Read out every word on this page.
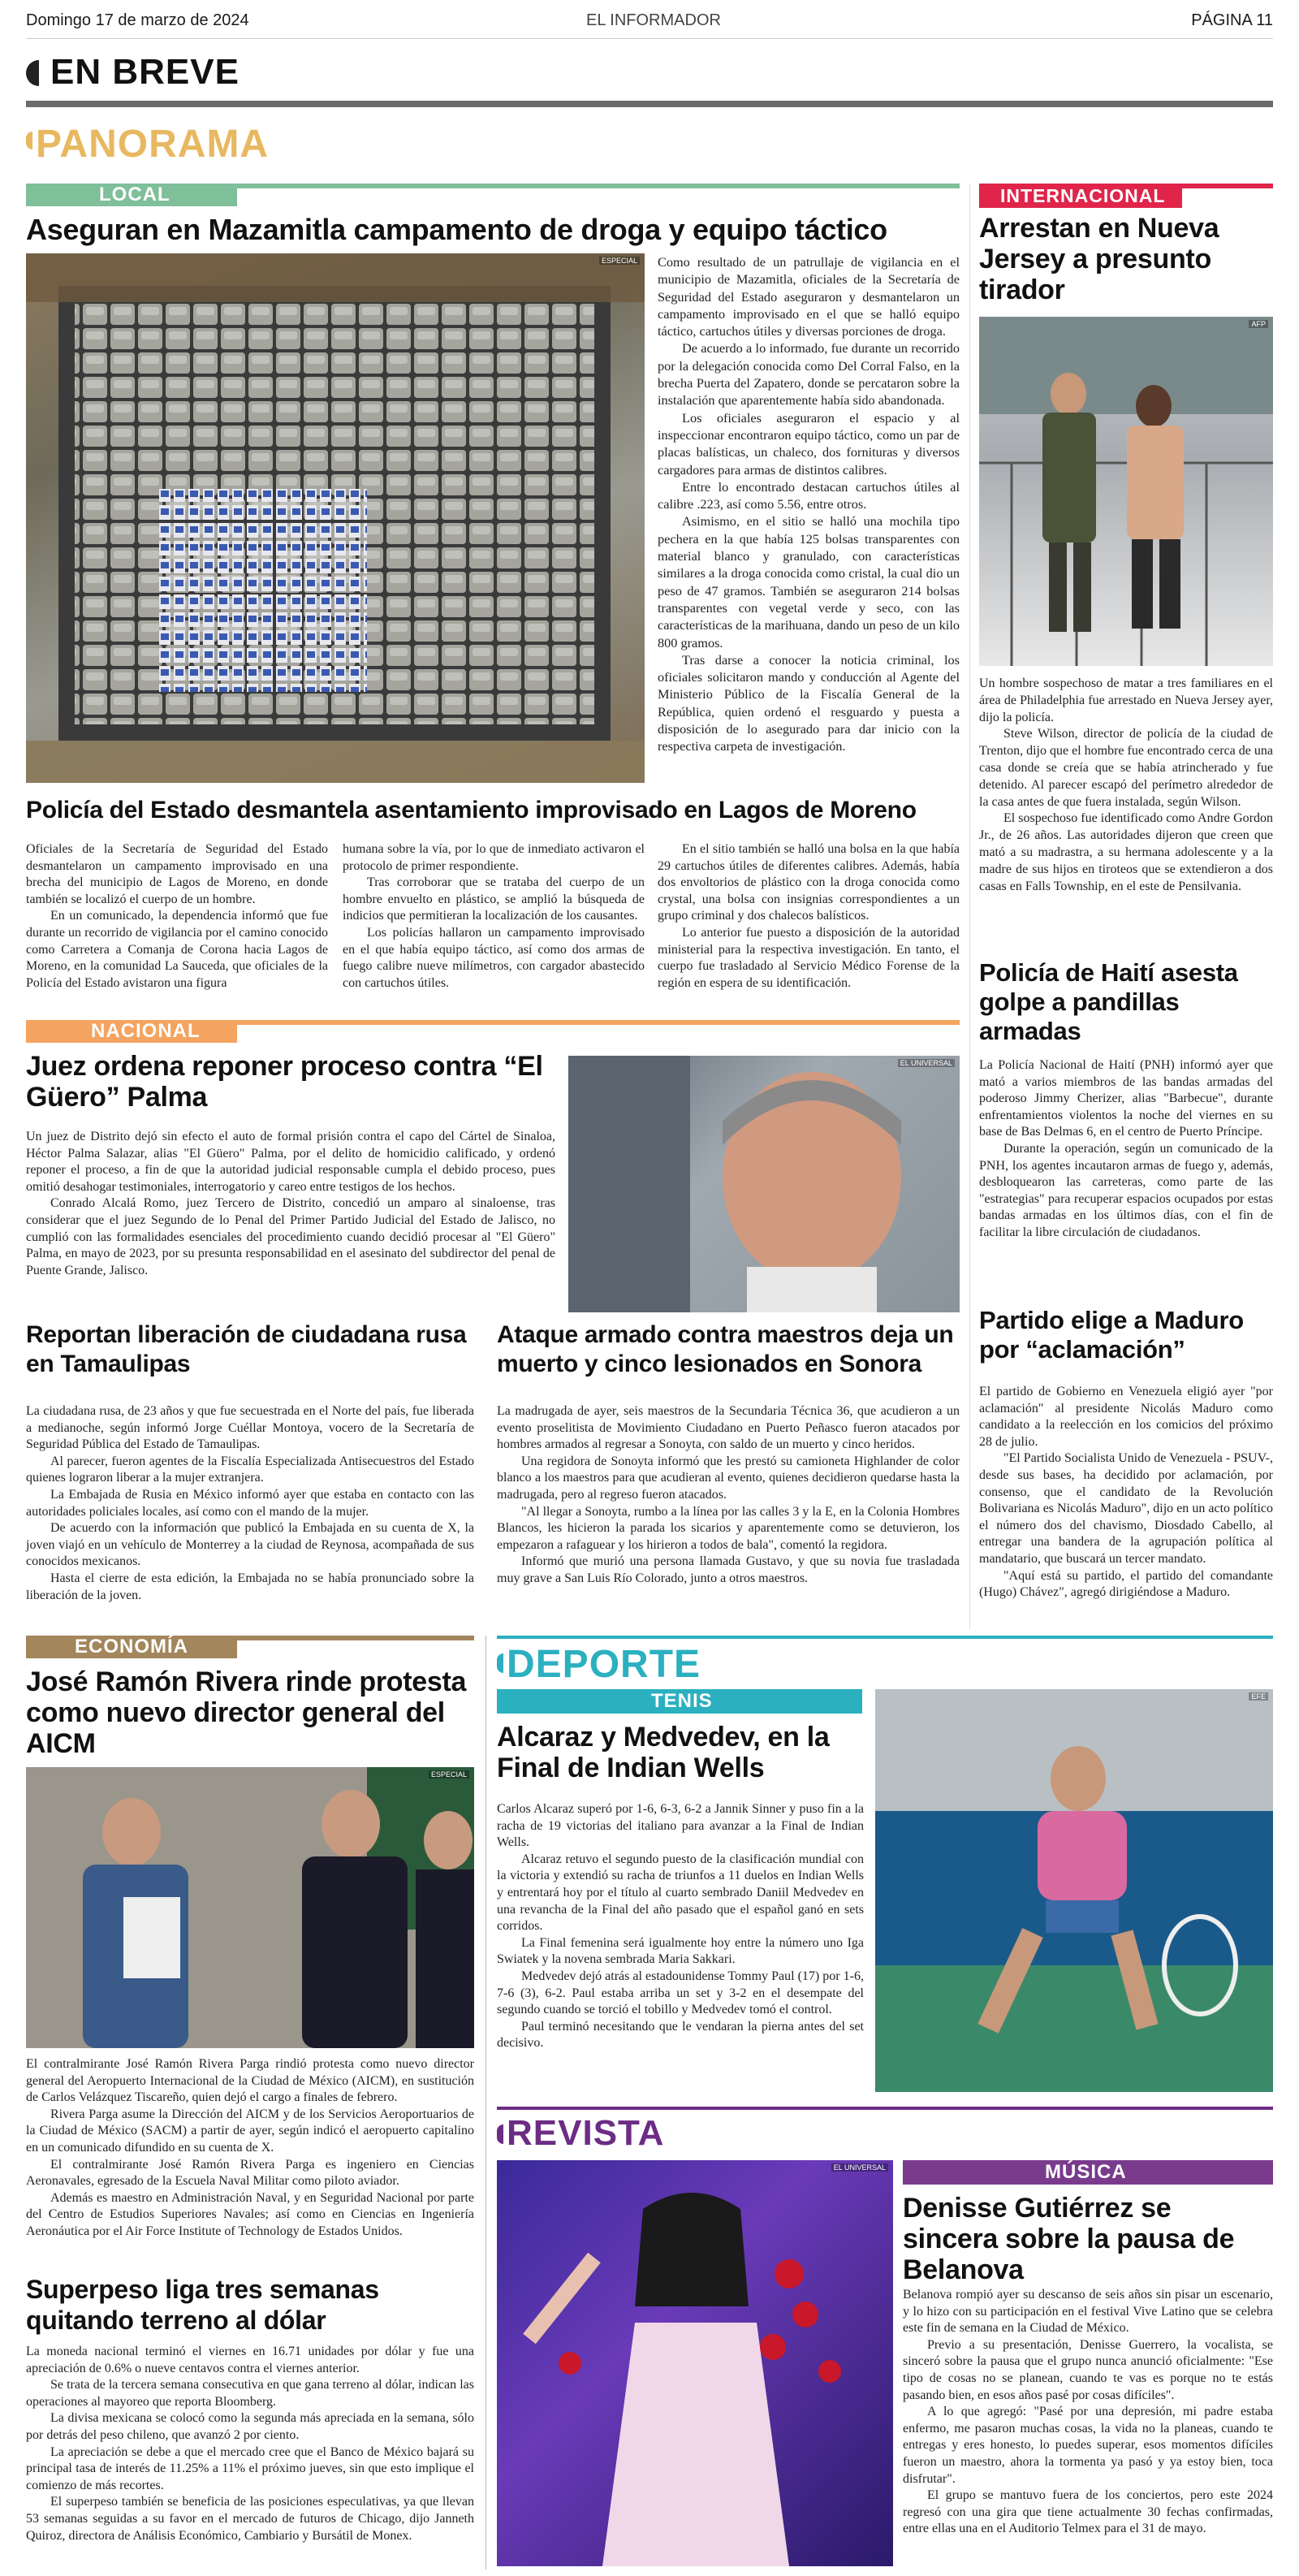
Domingo 17 de marzo de 2024	EL INFORMADOR	PÁGINA 11
EN BREVE
PANORAMA
LOCAL
Aseguran en Mazamitla campamento de droga y equipo táctico
ESPECIAL Como resultado de un patrullaje de vigilancia en el municipio de Mazamitla, oficiales de la Secretaría de Seguridad del Estado aseguraron y desmantelaron un campamento improvisado en el que se halló equipo táctico, cartuchos útiles y diversas porciones de droga.

De acuerdo a lo informado, fue durante un recorrido por la delegación conocida como Del Corral Falso, en la brecha Puerta del Zapatero, donde se percataron sobre la instalación que aparentemente había sido abandonada.

Los oficiales aseguraron el espacio y al inspeccionar encontraron equipo táctico, como un par de placas balísticas, un chaleco, dos fornituras y diversos cargadores para armas de distintos calibres.

Entre lo encontrado destacan cartuchos útiles al calibre .223, así como 5.56, entre otros.

Asimismo, en el sitio se halló una mochila tipo pechera en la que había 125 bolsas transparentes con material blanco y granulado, con características similares a la droga conocida como cristal, la cual dio un peso de 47 gramos. También se aseguraron 214 bolsas transparentes con vegetal verde y seco, con las características de la marihuana, dando un peso de un kilo 800 gramos.

Tras darse a conocer la noticia criminal, los oficiales solicitaron mando y conducción al Agente del Ministerio Público de la Fiscalía General de la República, quien ordenó el resguardo y puesta a disposición de lo asegurado para dar inicio con la respectiva carpeta de investigación.

Policía del Estado desmantela asentamiento improvisado en Lagos de Moreno

Oficiales de la Secretaría de Seguridad del Estado desmantelaron un campamento improvisado en una brecha del municipio de Lagos de Moreno, en donde también se localizó el cuerpo de un hombre.

En un comunicado, la dependencia informó que fue durante un recorrido de vigilancia por el camino conocido como Carretera a Comanja de Corona hacia Lagos de Moreno, en la comunidad La Sauceda, que oficiales de la Policía del Estado avistaron una figura

humana sobre la vía, por lo que de inmediato activaron el protocolo de primer respondiente.

Tras corroborar que se trataba del cuerpo de un hombre envuelto en plástico, se amplió la búsqueda de indicios que permitieran la localización de los causantes.

Los policías hallaron un campamento improvisado en el que había equipo táctico, así como dos armas de fuego calibre nueve milímetros, con cargador abastecido con cartuchos útiles.

En el sitio también se halló una bolsa en la que había 29 cartuchos útiles de diferentes calibres. Además, había dos envoltorios de plástico con la droga conocida como crystal, una bolsa con insignias correspondientes a un grupo criminal y dos chalecos balísticos.

Lo anterior fue puesto a disposición de la autoridad ministerial para la respectiva investigación. En tanto, el cuerpo fue trasladado al Servicio Médico Forense de la región en espera de su identificación.

INTERNACIONAL
Arrestan en Nueva Jersey a presunto tirador
AFP

Un hombre sospechoso de matar a tres familiares en el área de Philadelphia fue arrestado en Nueva Jersey ayer, dijo la policía.

Steve Wilson, director de policía de la ciudad de Trenton, dijo que el hombre fue encontrado cerca de una casa donde se creía que se había atrincherado y fue detenido. Al parecer escapó del perímetro alrededor de la casa antes de que fuera instalada, según Wilson.

El sospechoso fue identificado como Andre Gordon Jr., de 26 años. Las autoridades dijeron que creen que mató a su madrastra, a su hermana adolescente y a la madre de sus hijos en tiroteos que se extendieron a dos casas en Falls Township, en el este de Pensilvania.

Policía de Haití asesta golpe a pandillas armadas

La Policía Nacional de Haití (PNH) informó ayer que mató a varios miembros de las bandas armadas del poderoso Jimmy Cherizer, alias "Barbecue", durante enfrentamientos violentos la noche del viernes en su base de Bas Delmas 6, en el centro de Puerto Príncipe.

Durante la operación, según un comunicado de la PNH, los agentes incautaron armas de fuego y, además, desbloquearon las carreteras, como parte de las "estrategias" para recuperar espacios ocupados por estas bandas armadas en los últimos días, con el fin de facilitar la libre circulación de ciudadanos.

Partido elige a Maduro por “aclamación”

El partido de Gobierno en Venezuela eligió ayer "por aclamación" al presidente Nicolás Maduro como candidato a la reelección en los comicios del próximo 28 de julio.

"El Partido Socialista Unido de Venezuela - PSUV-, desde sus bases, ha decidido por aclamación, por consenso, que el candidato de la Revolución Bolivariana es Nicolás Maduro", dijo en un acto político el número dos del chavismo, Diosdado Cabello, al entregar una bandera de la agrupación política al mandatario, que buscará un tercer mandato.

"Aquí está su partido, el partido del comandante (Hugo) Chávez", agregó dirigiéndose a Maduro.

NACIONAL
Juez ordena reponer proceso contra “El Güero” Palma

Un juez de Distrito dejó sin efecto el auto de formal prisión contra el capo del Cártel de Sinaloa, Héctor Palma Salazar, alias "El Güero" Palma, por el delito de homicidio calificado, y ordenó reponer el proceso, a fin de que la autoridad judicial responsable cumpla el debido proceso, pues omitió desahogar testimoniales, interrogatorio y careo entre testigos de los hechos.

Conrado Alcalá Romo, juez Tercero de Distrito, concedió un amparo al sinaloense, tras considerar que el juez Segundo de lo Penal del Primer Partido Judicial del Estado de Jalisco, no cumplió con las formalidades esenciales del procedimiento cuando decidió procesar al "El Güero" Palma, en mayo de 2023, por su presunta responsabilidad en el asesinato del subdirector del penal de Puente Grande, Jalisco.

EL UNIVERSAL
Reportan liberación de ciudadana rusa en Tamaulipas

La ciudadana rusa, de 23 años y que fue secuestrada en el Norte del país, fue liberada a medianoche, según informó Jorge Cuéllar Montoya, vocero de la Secretaría de Seguridad Pública del Estado de Tamaulipas.

Al parecer, fueron agentes de la Fiscalía Especializada Antisecuestros del Estado quienes lograron liberar a la mujer extranjera.

La Embajada de Rusia en México informó ayer que estaba en contacto con las autoridades policiales locales, así como con el mando de la mujer.

De acuerdo con la información que publicó la Embajada en su cuenta de X, la joven viajó en un vehículo de Monterrey a la ciudad de Reynosa, acompañada de sus conocidos mexicanos.

Hasta el cierre de esta edición, la Embajada no se había pronunciado sobre la liberación de la joven.

Ataque armado contra maestros deja un muerto y cinco lesionados en Sonora

La madrugada de ayer, seis maestros de la Secundaria Técnica 36, que acudieron a un evento proselitista de Movimiento Ciudadano en Puerto Peñasco fueron atacados por hombres armados al regresar a Sonoyta, con saldo de un muerto y cinco heridos.

Una regidora de Sonoyta informó que les prestó su camioneta Highlander de color blanco a los maestros para que acudieran al evento, quienes decidieron quedarse hasta la madrugada, pero al regreso fueron atacados.

"Al llegar a Sonoyta, rumbo a la línea por las calles 3 y la E, en la Colonia Hombres Blancos, les hicieron la parada los sicarios y aparentemente como se detuvieron, los empezaron a rafaguear y los hirieron a todos de bala", comentó la regidora.

Informó que murió una persona llamada Gustavo, y que su novia fue trasladada muy grave a San Luis Río Colorado, junto a otros maestros.

ECONOMÍA
José Ramón Rivera rinde protesta como nuevo director general del AICM
ESPECIAL

El contralmirante José Ramón Rivera Parga rindió protesta como nuevo director general del Aeropuerto Internacional de la Ciudad de México (AICM), en sustitución de Carlos Velázquez Tiscareño, quien dejó el cargo a finales de febrero.

Rivera Parga asume la Dirección del AICM y de los Servicios Aeroportuarios de la Ciudad de México (SACM) a partir de ayer, según indicó el aeropuerto capitalino en un comunicado difundido en su cuenta de X.

El contralmirante José Ramón Rivera Parga es ingeniero en Ciencias Aeronavales, egresado de la Escuela Naval Militar como piloto aviador.

Además es maestro en Administración Naval, y en Seguridad Nacional por parte del Centro de Estudios Superiores Navales; así como en Ciencias en Ingeniería Aeronáutica por el Air Force Institute of Technology de Estados Unidos.

Superpeso liga tres semanas quitando terreno al dólar

La moneda nacional terminó el viernes en 16.71 unidades por dólar y fue una apreciación de 0.6% o nueve centavos contra el viernes anterior.

Se trata de la tercera semana consecutiva en que gana terreno al dólar, indican las operaciones al mayoreo que reporta Bloomberg.

La divisa mexicana se colocó como la segunda más apreciada en la semana, sólo por detrás del peso chileno, que avanzó 2 por ciento.

La apreciación se debe a que el mercado cree que el Banco de México bajará su principal tasa de interés de 11.25% a 11% el próximo jueves, sin que esto implique el comienzo de más recortes.

El superpeso también se beneficia de las posiciones especulativas, ya que llevan 53 semanas seguidas a su favor en el mercado de futuros de Chicago, dijo Janneth Quiroz, directora de Análisis Económico, Cambiario y Bursátil de Monex.

DEPORTE
TENIS
Alcaraz y Medvedev, en la Final de Indian Wells

Carlos Alcaraz superó por 1-6, 6-3, 6-2 a Jannik Sinner y puso fin a la racha de 19 victorias del italiano para avanzar a la Final de Indian Wells.

Alcaraz retuvo el segundo puesto de la clasificación mundial con la victoria y extendió su racha de triunfos a 11 duelos en Indian Wells y entrentará hoy por el título al cuarto sembrado Daniil Medvedev en una revancha de la Final del año pasado que el español ganó en sets corridos.

La Final femenina será igualmente hoy entre la número uno Iga Swiatek y la novena sembrada Maria Sakkari.

Medvedev dejó atrás al estadounidense Tommy Paul (17) por 1-6, 7-6 (3), 6-2. Paul estaba arriba un set y 3-2 en el desempate del segundo cuando se torció el tobillo y Medvedev tomó el control.

Paul terminó necesitando que le vendaran la pierna antes del set decisivo.

EFE
REVISTA
EL UNIVERSAL	MÚSICA
Denisse Gutiérrez se sincera sobre la pausa de Belanova

Belanova rompió ayer su descanso de seis años sin pisar un escenario, y lo hizo con su participación en el festival Vive Latino que se celebra este fin de semana en la Ciudad de México.

Previo a su presentación, Denisse Guerrero, la vocalista, se sinceró sobre la pausa que el grupo nunca anunció oficialmente: "Ese tipo de cosas no se planean, cuando te vas es porque no te estás pasando bien, en esos años pasé por cosas difíciles".

A lo que agregó: "Pasé por una depresión, mi padre estaba enfermo, me pasaron muchas cosas, la vida no la planeas, cuando te entregas y eres honesto, lo puedes superar, esos momentos difíciles fueron un maestro, ahora la tormenta ya pasó y ya estoy bien, toca disfrutar".

El grupo se mantuvo fuera de los conciertos, pero este 2024 regresó con una gira que tiene actualmente 30 fechas confirmadas, entre ellas una en el Auditorio Telmex para el 31 de mayo.
